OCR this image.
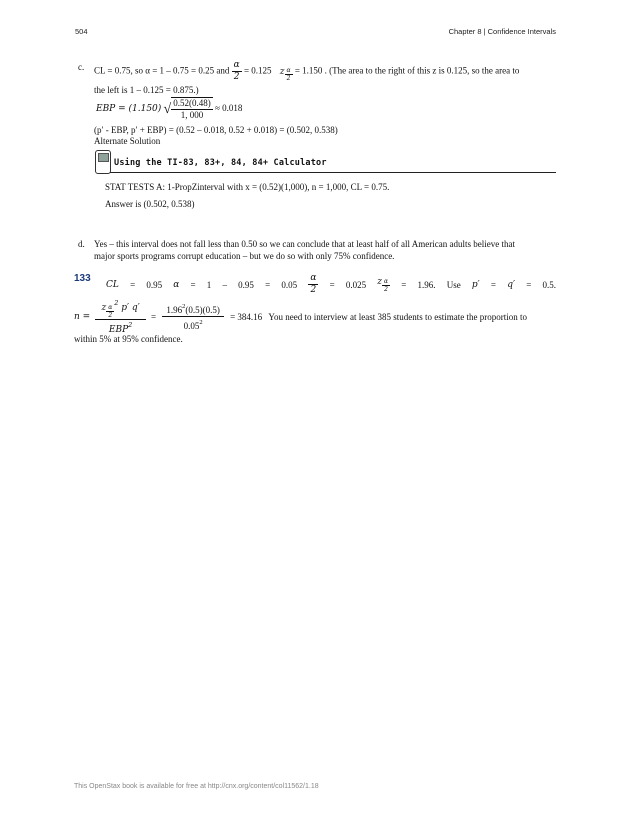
504	Chapter 8 | Confidence Intervals
c. CL = 0.75, so α = 1 – 0.75 = 0.25 and $\frac{\alpha}{2} = 0.125$ z $_{\frac{\alpha}{2}}$ = 1.150 . (The area to the right of this z is 0.125, so the area to
the left is 1 – 0.125 = 0.875.)
EBP = (1.150) √ $\frac{0.52(0.48)}{1, 000} \approx 0.018$
(p′ - EBP, p′ + EBP) = (0.52 – 0.018, 0.52 + 0.018) = (0.502, 0.538)
Alternate Solution
Using the TI-83, 83+, 84, 84+ Calculator
STAT TESTS A: 1-PropZinterval with x = (0.52)(1,000), n = 1,000, CL = 0.75.
Answer is (0.502, 0.538)
d. Yes – this interval does not fall less than 0.50 so we can conclude that at least half of all American adults believe that
major sports programs corrupt education – but we do so with only 75% confidence.
133
CL = 0.95 $\alpha = 1 - 0.95 = 0.05 \frac{\alpha}{2} = 0.025$ z $_{\frac{\alpha}{2}}$ = 1.96. Use p′ = q′ = 0.5.
n = z $_{\frac{\alpha}{2}}$
$^2$ p′ q′
$EBP^2 = \frac{1.96^2(0.5)(0.5)}{0.05^2} = 384.16$ You need to interview at least 385 students to estimate the proportion to
within 5% at 95% confidence.
This OpenStax book is available for free at http://cnx.org/content/col11562/1.18
